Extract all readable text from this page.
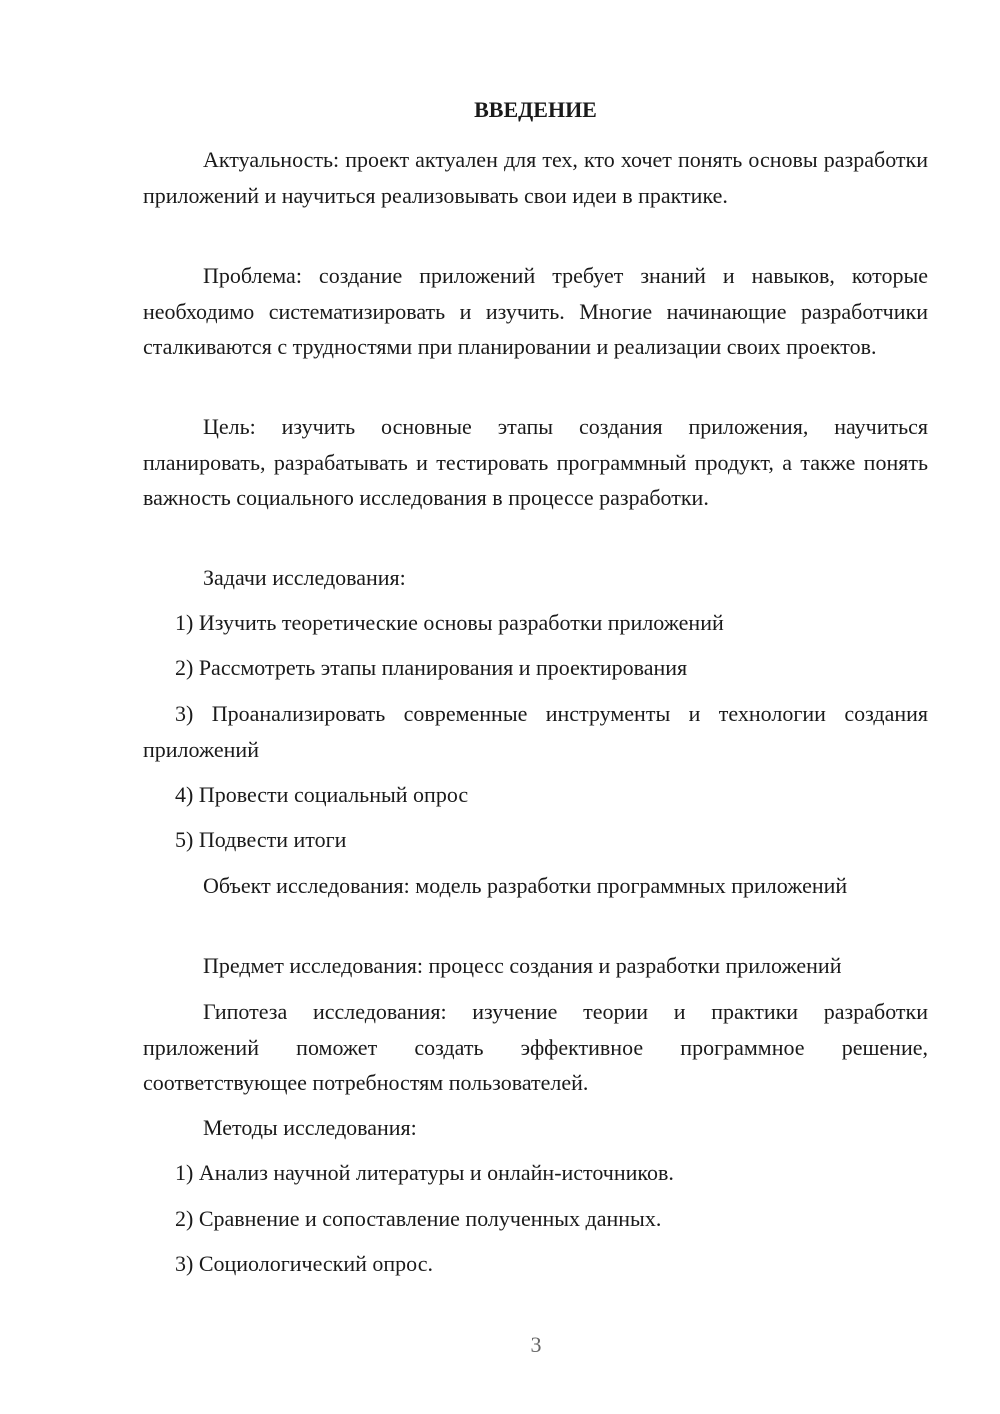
ВВЕДЕНИЕ

Актуальность: проект актуален для тех, кто хочет понять основы разработки приложений и научиться реализовывать свои идеи в практике.

Проблема: создание приложений требует знаний и навыков, которые необходимо систематизировать и изучить. Многие начинающие разработчики сталкиваются с трудностями при планировании и реализации своих проектов.

Цель: изучить основные этапы создания приложения, научиться планировать, разрабатывать и тестировать программный продукт, а также понять важность социального исследования в процессе разработки.

Задачи исследования:

1) Изучить теоретические основы разработки приложений

2) Рассмотреть этапы планирования и проектирования

3) Проанализировать современные инструменты и технологии создания приложений

4) Провести социальный опрос

5) Подвести итоги

Объект исследования: модель разработки программных приложений

Предмет исследования: процесс создания и разработки приложений

Гипотеза исследования: изучение теории и практики разработки приложений поможет создать эффективное программное решение, соответствующее потребностям пользователей.

Методы исследования:

1) Анализ научной литературы и онлайн-источников.

2) Сравнение и сопоставление полученных данных.

3) Социологический опрос.

3
